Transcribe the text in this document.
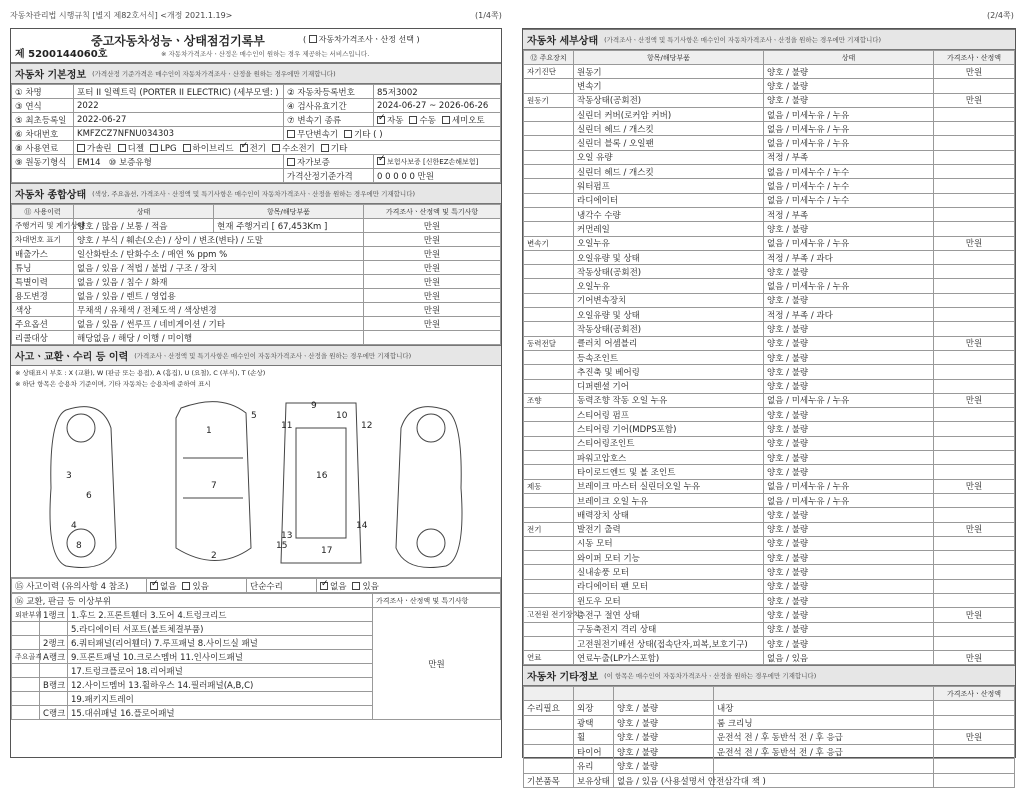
자동차관리법 시행규칙 [별지 제82호서식] <개정 2021.1.19>	(1/4쪽)	(2/4쪽)
중고자동차성능ㆍ상태점검기록부	( 자동차가격조사ㆍ산정 선택 )
※ 자동차가격조사ㆍ산정은 매수인이 원하는 경우 제공하는 서비스입니다.
제 5200144060호
자동차 기본정보 (가격산정 기준가격은 매수인이 자동차가격조사ㆍ산정을 원하는 경우에만 기재합니다)
① 차명	포터 II 일렉트릭 (PORTER II ELECTRIC) (세부모델: )	② 자동차등록번호	85저3002
③ 연식	2022	④ 검사유효기간	2024-06-27 ~ 2026-06-26
⑤ 최초등록일	2022-06-27	⑦ 변속기 종류	✓자동 수동 세미오토
⑥ 차대번호	KMFZCZ7NFNU034303	무단변속기 기타 ( )	
⑧ 사용연료	가솔린 디젤 LPG 하이브리드 ✓ 전기 수소전기 기타
⑨ 원동기형식	EM14 ⑩ 보증유형	자가보증	✓보험사보증 [신한EZ손해보험]
		가격산정기준가격	0 0 0 0 0 만원
자동차 종합상태 (색상, 주요옵션, 가격조사ㆍ산정액 및 특기사항은 매수인이 자동차가격조사ㆍ산정을 원하는 경우에만 기재합니다)
⑪ 사용이력	상태	항목/해당부품	가격조사ㆍ산정액 및 특기사항
주행거리 및 계기상태	양호 / 많음 / 보통 / 적음	현재 주행거리 [ 67,453Km ]	만원
차대번호 표기	양호 / 부식 / 훼손(오손) / 상이 / 변조(변타) / 도말		만원
배출가스	일산화탄소 / 탄화수소 / 매연 % ppm %		만원
튜닝	없음 / 있음 / 적법 / 불법 / 구조 / 장치		만원
특별이력	없음 / 있음 / 침수 / 화재		만원
용도변경	없음 / 있음 / 렌트 / 영업용		만원
색상	무채색 / 유채색 / 전체도색 / 색상변경		만원
주요옵션	없음 / 있음 / 썬루프 / 네비게이션 / 기타		만원
리콜대상	해당없음 / 해당 / 이행 / 미이행		
사고ㆍ교환ㆍ수리 등 이력 (가격조사ㆍ산정액 및 특기사항은 매수인이 자동차가격조사ㆍ산정을 원하는 경우에만 기재합니다)
※ 상태표시 부호 : X (교환), W (판금 또는 용접), A (흠집), U (요철), C (부식), T (손상)
※ 하단 항목은 승용차 기준이며, 기타 자동차는 승용차에 준하여 표시
1
2
3
4
5
6
7
8
9
10
11	12
13
14
15
16
17
⑮ 사고이력 (유의사항 4 참조)	✓없음 있음	단순수리	✓없음 있음
⑯ 교환, 판금 등 이상부위			가격조사ㆍ산정액 및 특기사항
외판부위	1랭크	1.후드 2.프론트휀더 3.도어 4.트렁크리드	만원
		5.라디에이터 서포트(볼트체결부품)	
	2랭크	6.쿼터패널(리어휀더) 7.루프패널 8.사이드실 패널	
주요골격	A랭크	9.프론트패널 10.크로스멤버 11.인사이드패널	
		17.트렁크플로어 18.리어패널	
	B랭크	12.사이드멤버 13.휠하우스 14.필러패널(A,B,C)	
		19.패키지트레이	
	C랭크	15.대쉬패널 16.플로어패널	
자동차 세부상태 (가격조사ㆍ산정액 및 특기사항은 매수인이 자동차가격조사ㆍ산정을 원하는 경우에만 기재합니다)
⑫ 주요장치	항목/해당부품	상태	가격조사ㆍ산정액
자기진단	원동기	양호 / 불량	만원
	변속기	양호 / 불량	
원동기	작동상태(공회전)	양호 / 불량	만원
	실린더 커버(로커암 커버)	없음 / 미세누유 / 누유	
	실린더 헤드 / 개스킷	없음 / 미세누유 / 누유	
	실린더 블록 / 오일팬	없음 / 미세누유 / 누유	
	오일 유량	적정 / 부족	
	실린더 헤드 / 개스킷	없음 / 미세누수 / 누수	
	워터펌프	없음 / 미세누수 / 누수	
	라디에이터	없음 / 미세누수 / 누수	
	냉각수 수량	적정 / 부족	
	커먼레일	양호 / 불량	
변속기	오일누유	없음 / 미세누유 / 누유	만원
	오일유량 및 상태	적정 / 부족 / 과다	
	작동상태(공회전)	양호 / 불량	
	오일누유	없음 / 미세누유 / 누유	
	기어변속장치	양호 / 불량	
	오일유량 및 상태	적정 / 부족 / 과다	
	작동상태(공회전)	양호 / 불량	
동력전달	클러치 어셈블리	양호 / 불량	만원
	등속조인트	양호 / 불량	
	추진축 및 베어링	양호 / 불량	
	디퍼렌셜 기어	양호 / 불량	
조향	동력조향 작동 오일 누유	없음 / 미세누유 / 누유	만원
	스티어링 펌프	양호 / 불량	
	스티어링 기어(MDPS포함)	양호 / 불량	
	스티어링조인트	양호 / 불량	
	파워고압호스	양호 / 불량	
	타이로드엔드 및 볼 조인트	양호 / 불량	
제동	브레이크 마스터 실린더오일 누유	없음 / 미세누유 / 누유	만원
	브레이크 오일 누유	없음 / 미세누유 / 누유	
	배력장치 상태	양호 / 불량	
전기	발전기 출력	양호 / 불량	만원
	시동 모터	양호 / 불량	
	와이퍼 모터 기능	양호 / 불량	
	실내송풍 모터	양호 / 불량	
	라디에이터 팬 모터	양호 / 불량	
	윈도우 모터	양호 / 불량	
고전원 전기장치	충전구 절연 상태	양호 / 불량	만원
	구동축전지 격리 상태	양호 / 불량	
	고전원전기배선 상태(접속단자,피복,보호기구)	양호 / 불량	
연료	연료누출(LP가스포함)	없음 / 있음	만원
자동차 기타정보 (이 항목은 매수인이 자동차가격조사ㆍ산정을 원하는 경우에만 기재합니다)
				가격조사ㆍ산정액
수리필요	외장	양호 / 불량	내장	
	광택	양호 / 불량	룸 크리닝	
	휠	양호 / 불량	운전석 전 / 후 동반석 전 / 후 응급	만원
	타이어	양호 / 불량	운전석 전 / 후 동반석 전 / 후 응급	
	유리	양호 / 불량		
기본품목	보유상태	없음 / 있음 (사용설명서 안전삼각대 잭 )		
